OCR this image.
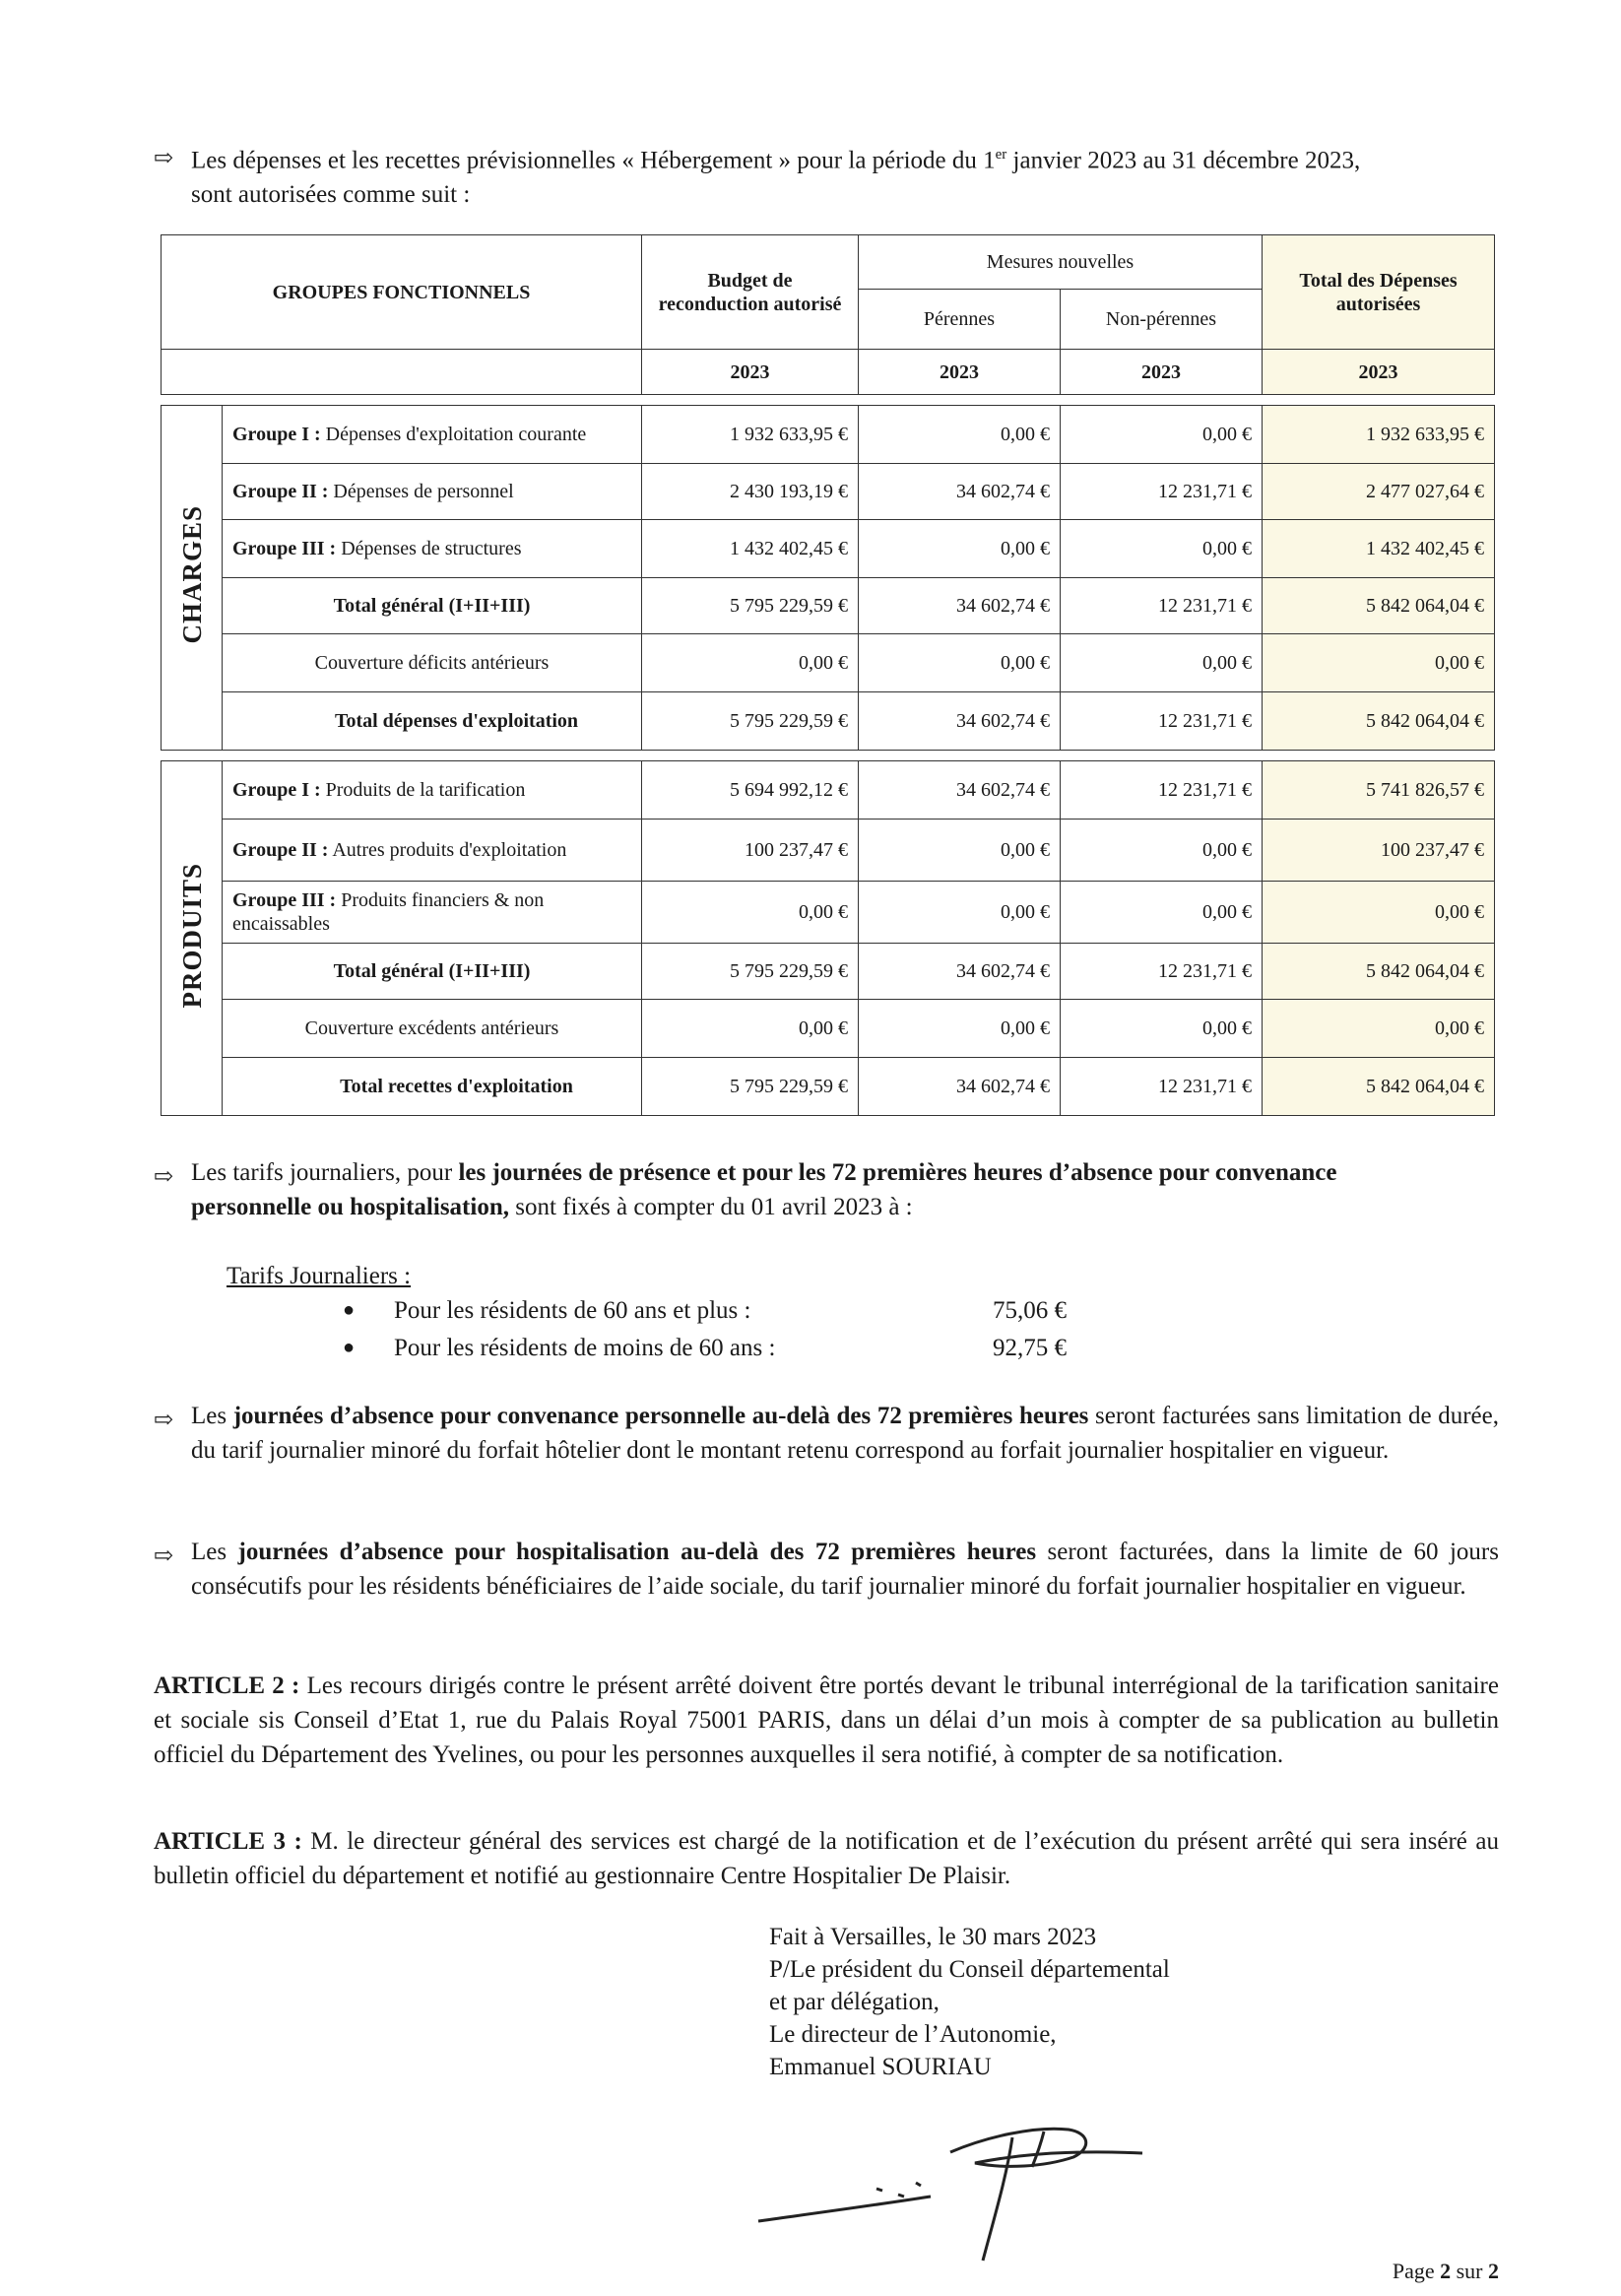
⇨ Les dépenses et les recettes prévisionnelles « Hébergement » pour la période du 1er janvier 2023 au 31 décembre 2023,
sont autorisées comme suit :
GROUPES FONCTIONNELS		Budget de reconduction autorisé	Mesures nouvelles		Total des Dépenses autorisées
			Pérennes	Non-pérennes	
		2023	2023	2023	2023

CHARGES	Groupe I : Dépenses d'exploitation courante	1 932 633,95 €	0,00 €	0,00 €	1 932 633,95 €
	Groupe II : Dépenses de personnel	2 430 193,19 €	34 602,74 €	12 231,71 €	2 477 027,64 €
	Groupe III : Dépenses de structures	1 432 402,45 €	0,00 €	0,00 €	1 432 402,45 €
	Total général (I+II+III)	5 795 229,59 €	34 602,74 €	12 231,71 €	5 842 064,04 €
	Couverture déficits antérieurs	0,00 €	0,00 €	0,00 €	0,00 €
	Total dépenses d'exploitation	5 795 229,59 €	34 602,74 €	12 231,71 €	5 842 064,04 €

PRODUITS	Groupe I : Produits de la tarification	5 694 992,12 €	34 602,74 €	12 231,71 €	5 741 826,57 €
	Groupe II : Autres produits d'exploitation	100 237,47 €	0,00 €	0,00 €	100 237,47 €
	Groupe III : Produits financiers & non encaissables	0,00 €	0,00 €	0,00 €	0,00 €
	Total général (I+II+III)	5 795 229,59 €	34 602,74 €	12 231,71 €	5 842 064,04 €
	Couverture excédents antérieurs	0,00 €	0,00 €	0,00 €	0,00 €
	Total recettes d'exploitation	5 795 229,59 €	34 602,74 €	12 231,71 €	5 842 064,04 €
⇨ Les tarifs journaliers, pour les journées de présence et pour les 72 premières heures d’absence pour convenance
personnelle ou hospitalisation, sont fixés à compter du 01 avril 2023 à :
Tarifs Journaliers :
● Pour les résidents de 60 ans et plus :	75,06 €
● Pour les résidents de moins de 60 ans :	92,75 €
⇨ Les journées d’absence pour convenance personnelle au-delà des 72 premières heures seront facturées sans limitation de durée, du tarif journalier minoré du forfait hôtelier dont le montant retenu correspond au forfait journalier hospitalier en vigueur.
⇨ Les journées d’absence pour hospitalisation au-delà des 72 premières heures seront facturées, dans la limite de 60 jours consécutifs pour les résidents bénéficiaires de l’aide sociale, du tarif journalier minoré du forfait journalier hospitalier en vigueur.
ARTICLE 2 : Les recours dirigés contre le présent arrêté doivent être portés devant le tribunal interrégional de la tarification sanitaire et sociale sis Conseil d’Etat 1, rue du Palais Royal 75001 PARIS, dans un délai d’un mois à compter de sa publication au bulletin officiel du Département des Yvelines, ou pour les personnes auxquelles il sera notifié, à compter de sa notification.
ARTICLE 3 : M. le directeur général des services est chargé de la notification et de l’exécution du présent arrêté qui sera inséré au bulletin officiel du département et notifié au gestionnaire Centre Hospitalier De Plaisir.
Fait à Versailles, le 30 mars 2023
P/Le président du Conseil départemental
et par délégation,
Le directeur de l’Autonomie,
Emmanuel SOURIAU
Page 2 sur 2
